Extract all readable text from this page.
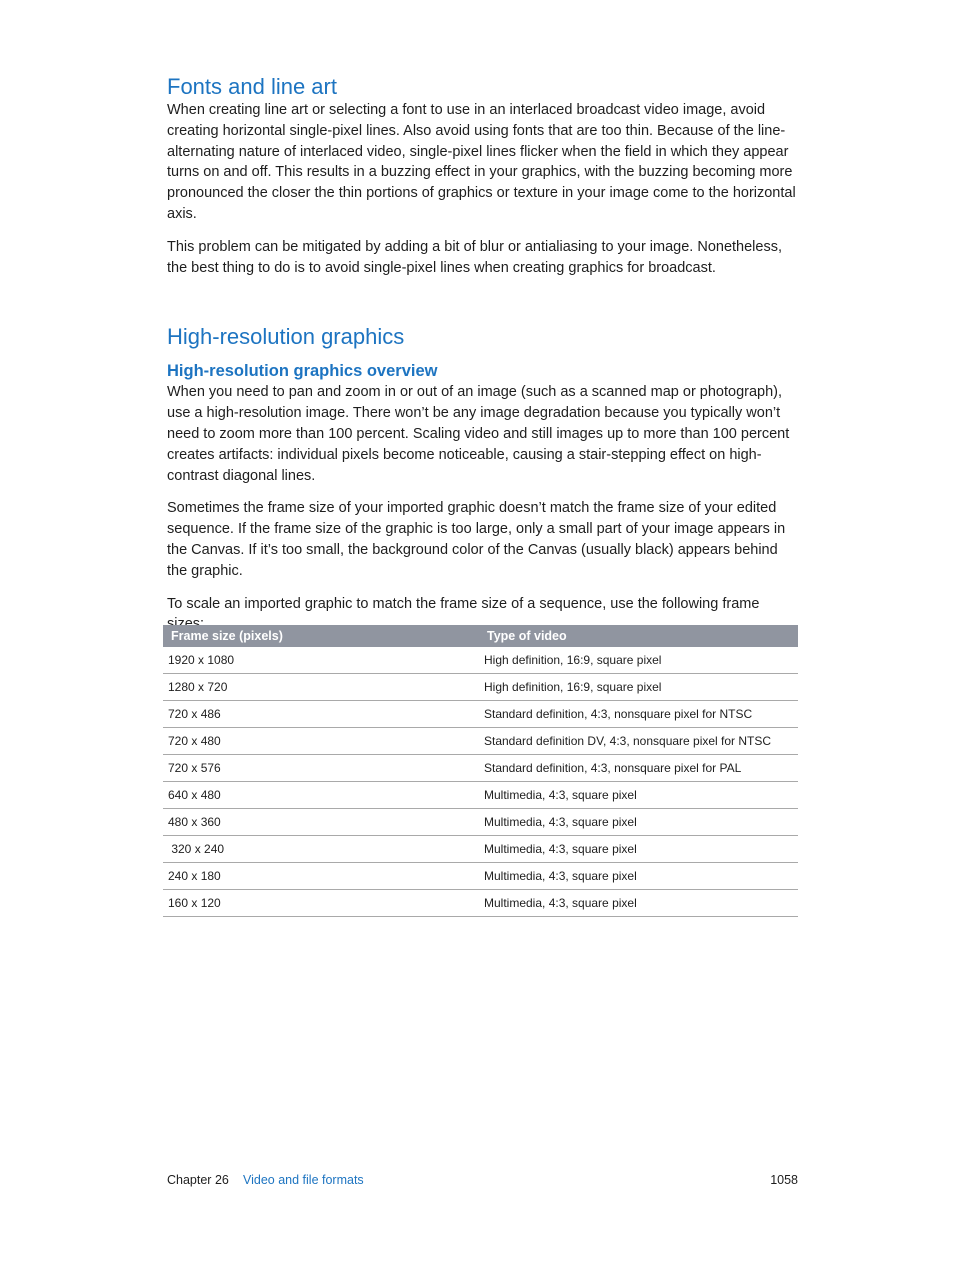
Fonts and line art

When creating line art or selecting a font to use in an interlaced broadcast video image, avoid creating horizontal single-pixel lines. Also avoid using fonts that are too thin. Because of the line-alternating nature of interlaced video, single-pixel lines flicker when the field in which they appear turns on and off. This results in a buzzing effect in your graphics, with the buzzing becoming more pronounced the closer the thin portions of graphics or texture in your image come to the horizontal axis.

This problem can be mitigated by adding a bit of blur or antialiasing to your image. Nonetheless, the best thing to do is to avoid single-pixel lines when creating graphics for broadcast.

High-resolution graphics
High-resolution graphics overview

When you need to pan and zoom in or out of an image (such as a scanned map or photograph), use a high-resolution image. There won’t be any image degradation because you typically won’t need to zoom more than 100 percent. Scaling video and still images up to more than 100 percent creates artifacts: individual pixels become noticeable, causing a stair-stepping effect on high-contrast diagonal lines.

Sometimes the frame size of your imported graphic doesn’t match the frame size of your edited sequence. If the frame size of the graphic is too large, only a small part of your image appears in the Canvas. If it’s too small, the background color of the Canvas (usually black) appears behind the graphic.

To scale an imported graphic to match the frame size of a sequence, use the following frame

Frame size (pixels)	Type of video
1920 x 1080	High definition, 16:9, square pixel
1280 x 720	High definition, 16:9, square pixel
720 x 486	Standard definition, 4:3, nonsquare pixel for NTSC
720 x 480	Standard definition DV, 4:3, nonsquare pixel for NTSC
720 x 576	Standard definition, 4:3, nonsquare pixel for PAL
640 x 480	Multimedia, 4:3, square pixel
480 x 360	Multimedia, 4:3, square pixel
320 x 240	Multimedia, 4:3, square pixel
240 x 180	Multimedia, 4:3, square pixel
160 x 120	Multimedia, 4:3, square pixel
Chapter 26 Video and file formats	1058
